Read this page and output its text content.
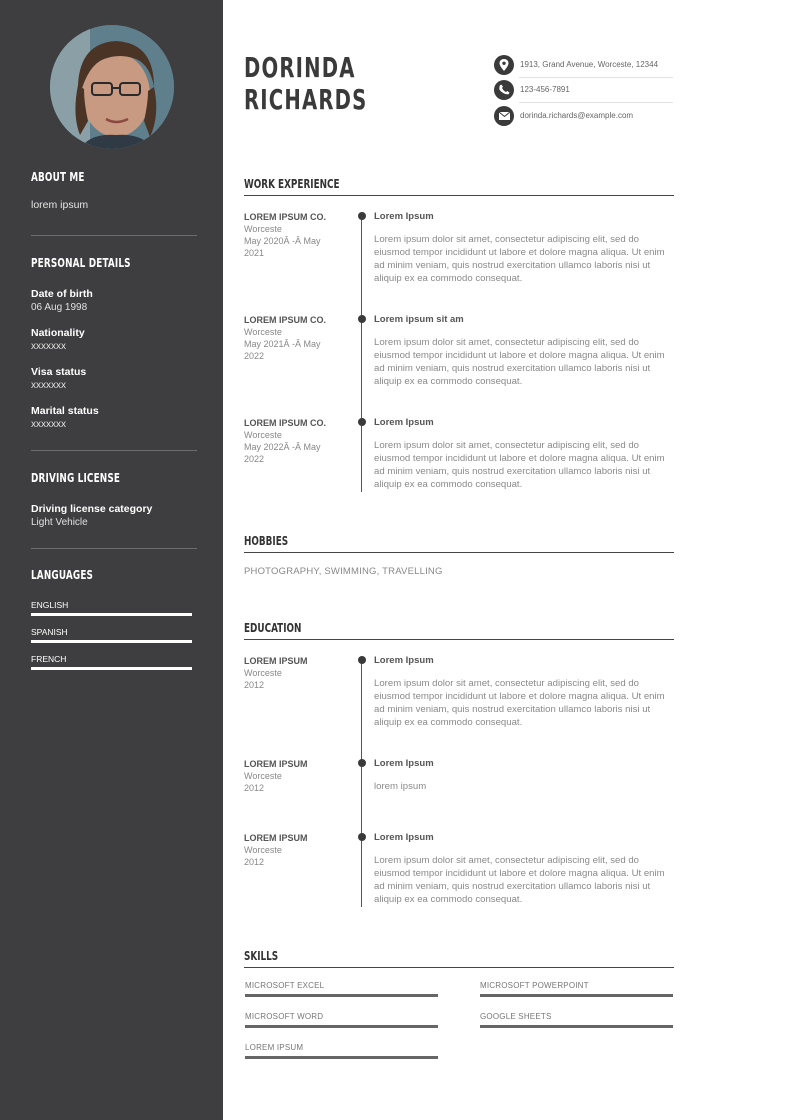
ABOUT ME
lorem ipsum
PERSONAL DETAILS
Date of birth
06 Aug 1998
Nationality
xxxxxxx
Visa status
xxxxxxx
Marital status
xxxxxxx
DRIVING LICENSE
Driving license category
Light Vehicle
LANGUAGES
ENGLISH
SPANISH
FRENCH
DORINDA
RICHARDS
1913, Grand Avenue, Worceste, 12344
123-456-7891
dorinda.richards@example.com
WORK EXPERIENCE
LOREM IPSUM CO.
Worceste
May 2020Â -Â May
2021
Lorem Ipsum
Lorem ipsum dolor sit amet, consectetur adipiscing elit, sed do eiusmod tempor incididunt ut labore et dolore magna aliqua. Ut enim ad minim veniam, quis nostrud exercitation ullamco laboris nisi ut aliquip ex ea commodo consequat.
LOREM IPSUM CO.
Worceste
May 2021Â -Â May
2022
Lorem ipsum sit am
Lorem ipsum dolor sit amet, consectetur adipiscing elit, sed do eiusmod tempor incididunt ut labore et dolore magna aliqua. Ut enim ad minim veniam, quis nostrud exercitation ullamco laboris nisi ut aliquip ex ea commodo consequat.
LOREM IPSUM CO.
Worceste
May 2022Â -Â May
2022
Lorem Ipsum
Lorem ipsum dolor sit amet, consectetur adipiscing elit, sed do eiusmod tempor incididunt ut labore et dolore magna aliqua. Ut enim ad minim veniam, quis nostrud exercitation ullamco laboris nisi ut aliquip ex ea commodo consequat.
HOBBIES
PHOTOGRAPHY, SWIMMING, TRAVELLING
EDUCATION
LOREM IPSUM
Worceste
2012
Lorem Ipsum
Lorem ipsum dolor sit amet, consectetur adipiscing elit, sed do eiusmod tempor incididunt ut labore et dolore magna aliqua. Ut enim ad minim veniam, quis nostrud exercitation ullamco laboris nisi ut aliquip ex ea commodo consequat.
LOREM IPSUM
Worceste
2012
Lorem Ipsum
lorem ipsum
LOREM IPSUM
Worceste
2012
Lorem Ipsum
Lorem ipsum dolor sit amet, consectetur adipiscing elit, sed do eiusmod tempor incididunt ut labore et dolore magna aliqua. Ut enim ad minim veniam, quis nostrud exercitation ullamco laboris nisi ut aliquip ex ea commodo consequat.
SKILLS
MICROSOFT EXCEL	MICROSOFT POWERPOINT
MICROSOFT WORD	GOOGLE SHEETS
LOREM IPSUM
